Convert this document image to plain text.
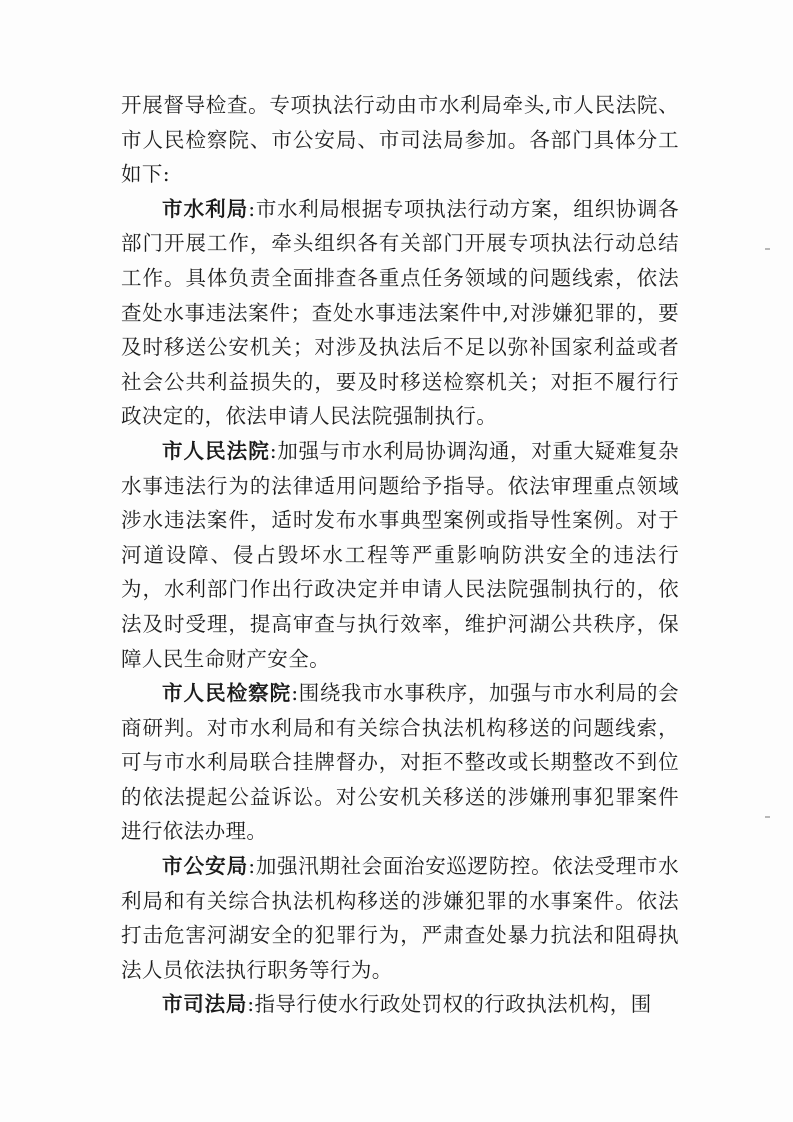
开展督导检查。专项执法行动由市水利局牵头,市人民法院、市人民检察院、市公安局、市司法局参加。各部门具体分工如下:

市水利局:市水利局根据专项执法行动方案，组织协调各部门开展工作，牵头组织各有关部门开展专项执法行动总结工作。具体负责全面排查各重点任务领域的问题线索，依法查处水事违法案件；查处水事违法案件中,对涉嫌犯罪的，要及时移送公安机关；对涉及执法后不足以弥补国家利益或者社会公共利益损失的，要及时移送检察机关；对拒不履行行政决定的，依法申请人民法院强制执行。

市人民法院:加强与市水利局协调沟通，对重大疑难复杂水事违法行为的法律适用问题给予指导。依法审理重点领域涉水违法案件，适时发布水事典型案例或指导性案例。对于河道设障、侵占毁坏水工程等严重影响防洪安全的违法行为，水利部门作出行政决定并申请人民法院强制执行的，依法及时受理，提高审查与执行效率，维护河湖公共秩序，保障人民生命财产安全。

市人民检察院:围绕我市水事秩序，加强与市水利局的会商研判。对市水利局和有关综合执法机构移送的问题线索，可与市水利局联合挂牌督办，对拒不整改或长期整改不到位的依法提起公益诉讼。对公安机关移送的涉嫌刑事犯罪案件进行依法办理。

市公安局:加强汛期社会面治安巡逻防控。依法受理市水利局和有关综合执法机构移送的涉嫌犯罪的水事案件。依法打击危害河湖安全的犯罪行为，严肃查处暴力抗法和阻碍执法人员依法执行职务等行为。

市司法局:指导行使水行政处罚权的行政执法机构，围
